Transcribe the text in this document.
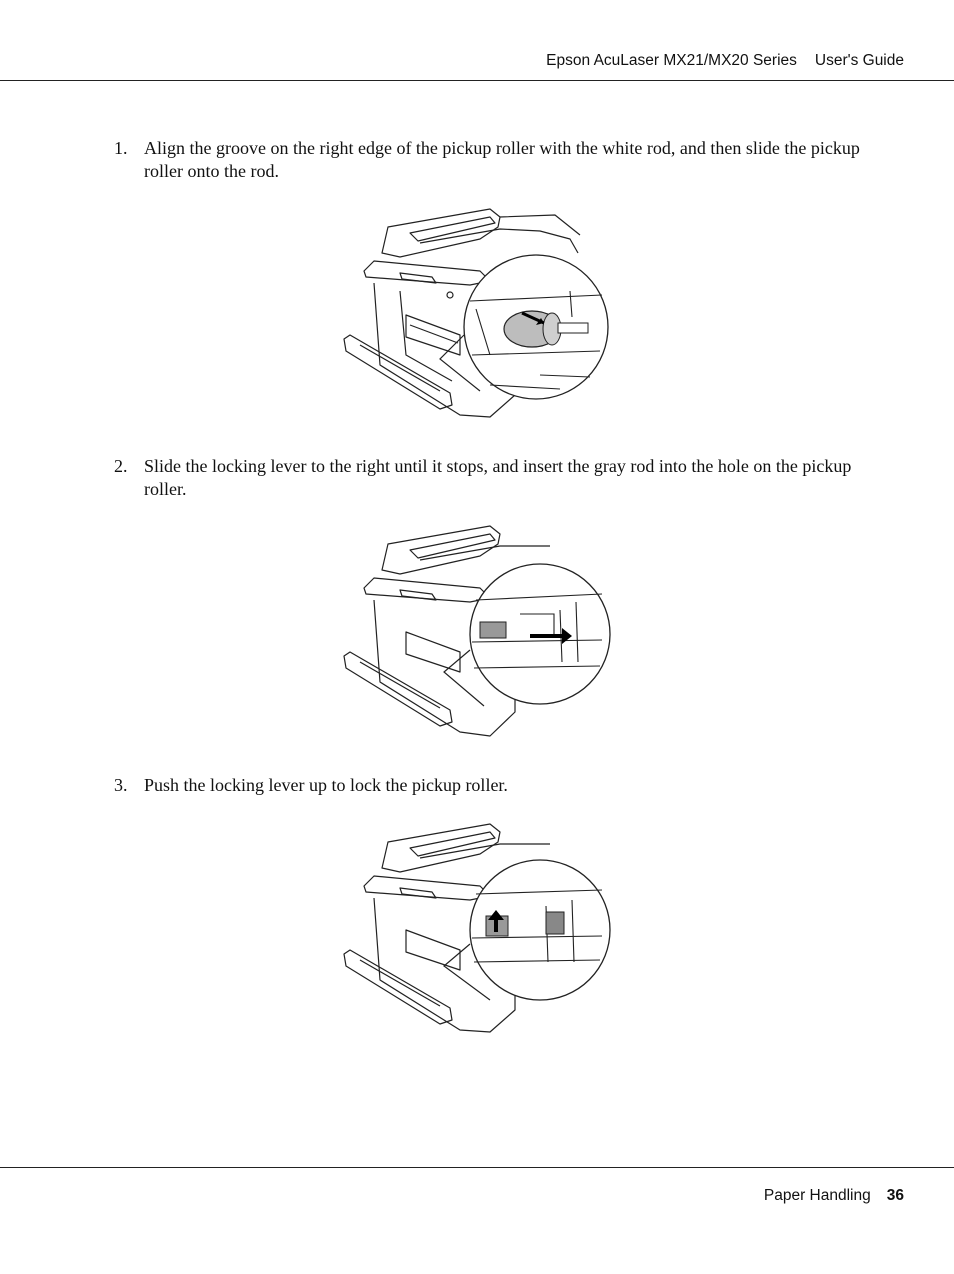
Epson AcuLaser MX21/MX20 Series User's Guide
1. Align the groove on the right edge of the pickup roller with the white rod, and then slide the pickup roller onto the rod.
2. Slide the locking lever to the right until it stops, and insert the gray rod into the hole on the pickup roller.
3. Push the locking lever up to lock the pickup roller.
Paper Handling 36
